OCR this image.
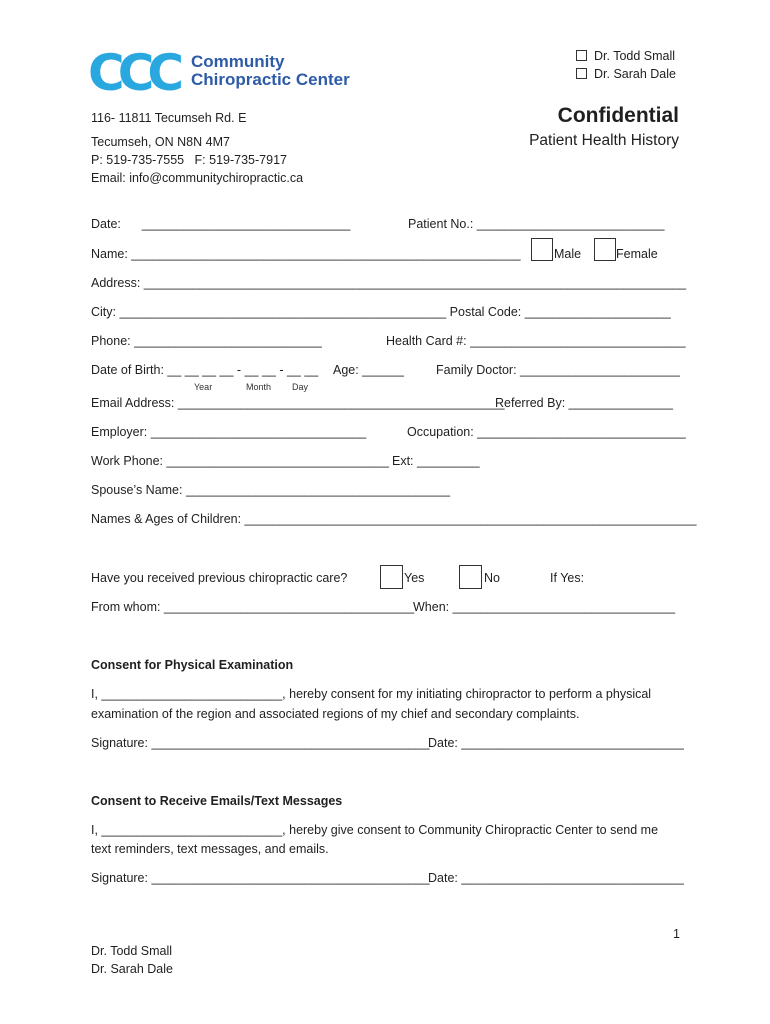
Dr. Todd Small
Dr. Sarah Dale
CCC Community
Chiropractic Center
116- 11811 Tecumseh Rd. E
Tecumseh, ON N8N 4M7
P: 519-735-7555   F: 519-735-7917
Email: info@communitychiropractic.ca
Confidential
Patient Health History
Date:      ______________________________	Patient No.: ___________________________
Name: ________________________________________________________	Male	Female
Address: ______________________________________________________________________________
City: _______________________________________________ Postal Code: _____________________
Phone: ___________________________	Health Card #: _______________________________
Date of Birth: __ __ __ __ - __ __ - __ __
Year	Month Day
Age: ______	Family Doctor: _______________________
Email Address: _______________________________________________
Referred By: _______________
Employer: _______________________________	Occupation: ______________________________
Work Phone: ________________________________ Ext: _________
Spouse’s Name: ______________________________________
Names & Ages of Children: _________________________________________________________________
Have you received previous chiropractic care?	Yes	No	If Yes:
From whom: ____________________________________
When: ________________________________
Consent for Physical Examination
I, __________________________, hereby consent for my initiating chiropractor to perform a physical
examination of the region and associated regions of my chief and secondary complaints.
Signature: ________________________________________
Date: ________________________________
Consent to Receive Emails/Text Messages
I, __________________________, hereby give consent to Community Chiropractic Center to send me
text reminders, text messages, and emails.
Signature: ________________________________________
Date: ________________________________
1
Dr. Todd Small
Dr. Sarah Dale
